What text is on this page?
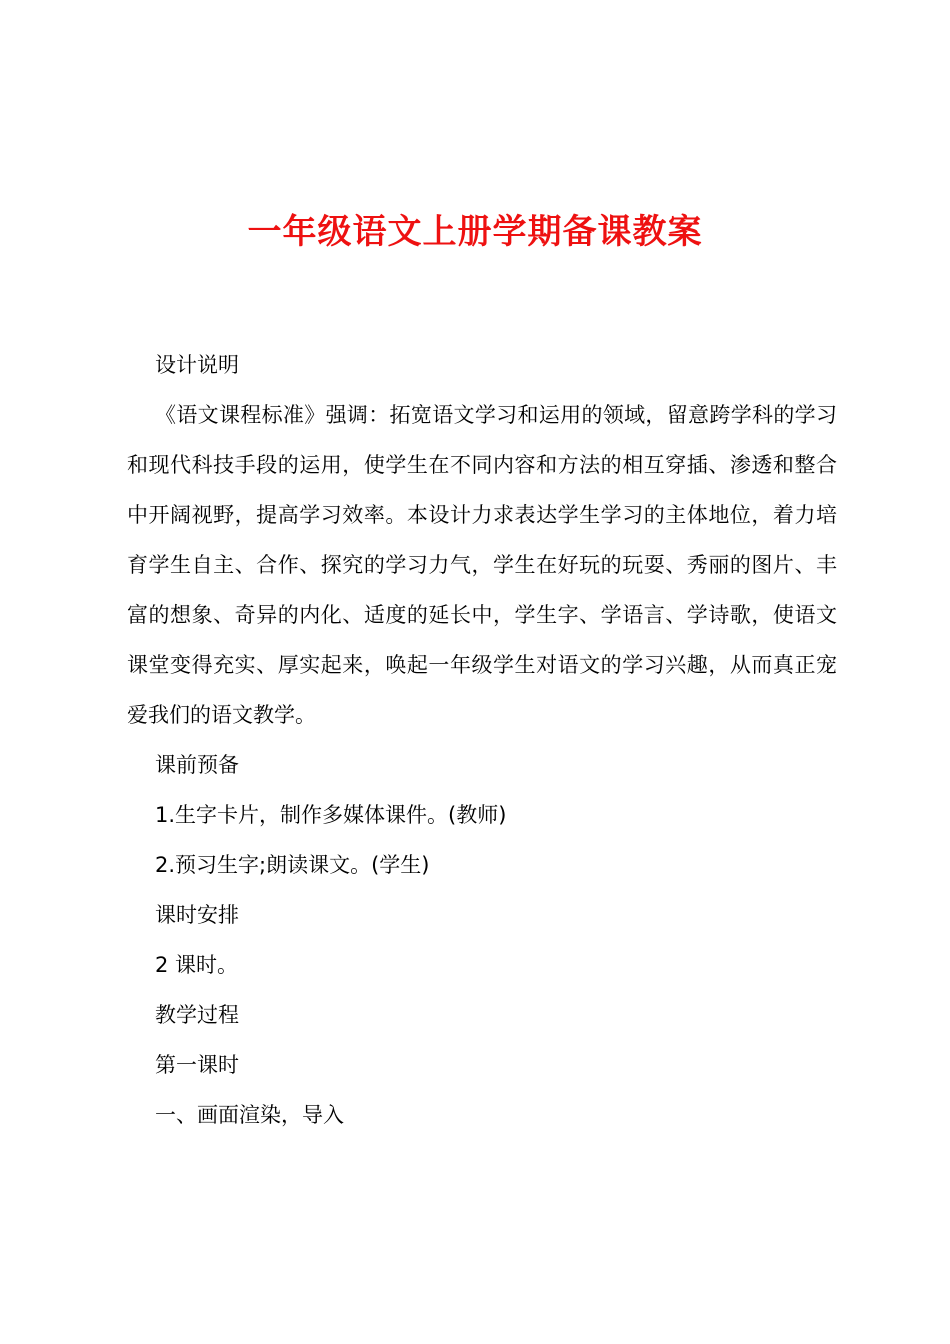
一年级语文上册学期备课教案

设计说明

《语文课程标准》强调：拓宽语文学习和运用的领域，留意跨学科的学习和现代科技手段的运用，使学生在不同内容和方法的相互穿插、渗透和整合中开阔视野，提高学习效率。本设计力求表达学生学习的主体地位，着力培育学生自主、合作、探究的学习力气，学生在好玩的玩耍、秀丽的图片、丰富的想象、奇异的内化、适度的延长中，学生字、学语言、学诗歌，使语文课堂变得充实、厚实起来，唤起一年级学生对语文的学习兴趣，从而真正宠爱我们的语文教学。

课前预备

1.生字卡片，制作多媒体课件。(教师)

2.预习生字;朗读课文。(学生)

课时安排

2 课时。

教学过程

第一课时

一、画面渲染，导入
